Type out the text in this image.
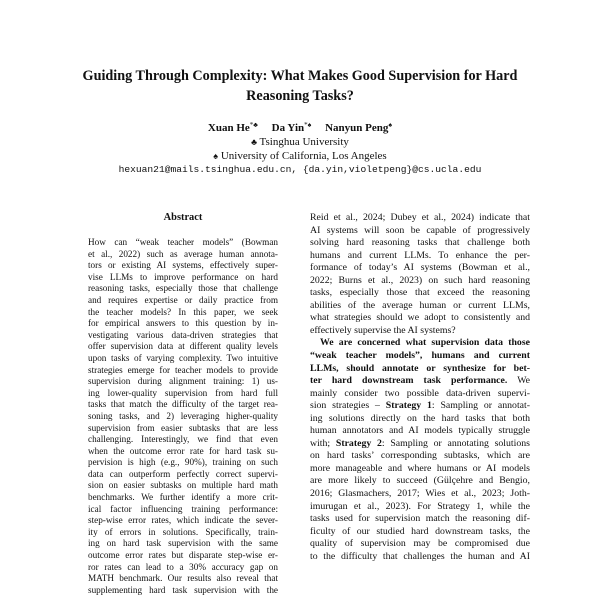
Guiding Through Complexity: What Makes Good Supervision for Hard
Reasoning Tasks?
Xuan He*♣ Da Yin*♠ Nanyun Peng♠
♣ Tsinghua University
♠ University of California, Los Angeles
hexuan21@mails.tsinghua.edu.cn, {da.yin,violetpeng}@cs.ucla.edu
Abstract
How can “weak teacher models” (Bowman
et al., 2022) such as average human annota-
tors or existing AI systems, effectively super-
vise LLMs to improve performance on hard
reasoning tasks, especially those that challenge
and requires expertise or daily practice from
the teacher models? In this paper, we seek
for empirical answers to this question by in-
vestigating various data-driven strategies that
offer supervision data at different quality levels
upon tasks of varying complexity. Two intuitive
strategies emerge for teacher models to provide
supervision during alignment training: 1) us-
ing lower-quality supervision from hard full
tasks that match the difficulty of the target rea-
soning tasks, and 2) leveraging higher-quality
supervision from easier subtasks that are less
challenging. Interestingly, we find that even
when the outcome error rate for hard task su-
pervision is high (e.g., 90%), training on such
data can outperform perfectly correct supervi-
sion on easier subtasks on multiple hard math
benchmarks. We further identify a more crit-
ical factor influencing training performance:
step-wise error rates, which indicate the sever-
ity of errors in solutions. Specifically, train-
ing on hard task supervision with the same
outcome error rates but disparate step-wise er-
ror rates can lead to a 30% accuracy gap on
MATH benchmark. Our results also reveal that
supplementing hard task supervision with the
Reid et al., 2024; Dubey et al., 2024) indicate that
AI systems will soon be capable of progressively
solving hard reasoning tasks that challenge both
humans and current LLMs. To enhance the per-
formance of today’s AI systems (Bowman et al.,
2022; Burns et al., 2023) on such hard reasoning
tasks, especially those that exceed the reasoning
abilities of the average human or current LLMs,
what strategies should we adopt to consistently and
effectively supervise the AI systems?
We are concerned what supervision data those
“weak teacher models”, humans and current
LLMs, should annotate or synthesize for bet-
ter hard downstream task performance. We
mainly consider two possible data-driven supervi-
sion strategies – Strategy 1: Sampling or annotat-
ing solutions directly on the hard tasks that both
human annotators and AI models typically struggle
with; Strategy 2: Sampling or annotating solutions
on hard tasks’ corresponding subtasks, which are
more manageable and where humans or AI models
are more likely to succeed (Gülçehre and Bengio,
2016; Glasmachers, 2017; Wies et al., 2023; Joth-
imurugan et al., 2023). For Strategy 1, while the
tasks used for supervision match the reasoning dif-
ficulty of our studied hard downstream tasks, the
quality of supervision may be compromised due
to the difficulty that challenges the human and AI
